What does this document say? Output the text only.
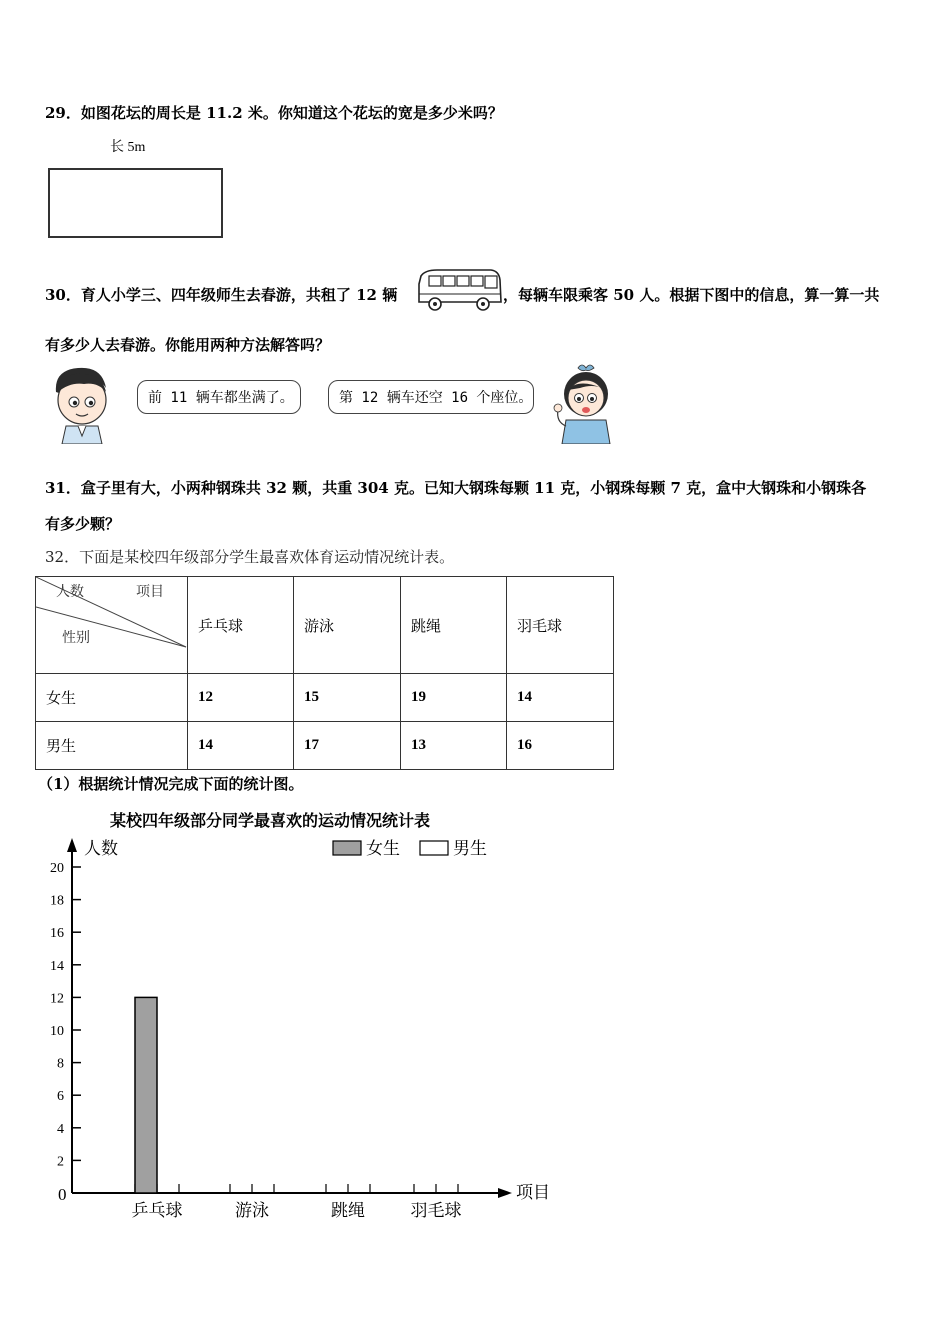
29．如图花坛的周长是 11.2 米。你知道这个花坛的宽是多少米吗？
长 5m
30．育人小学三、四年级师生去春游，共租了 12 辆	，每辆车限乘客 50 人。根据下图中的信息，算一算一共
有多少人去春游。你能用两种方法解答吗？
前 11 辆车都坐满了。	第 12 辆车还空 16 个座位。
31．盒子里有大，小两种钢珠共 32 颗，共重 304 克。已知大钢珠每颗 11 克，小钢珠每颗 7 克，盒中大钢珠和小钢珠各
有多少颗？
32．下面是某校四年级部分学生最喜欢体育运动情况统计表。
人数 项目
性别	乒乓球	游泳	跳绳	羽毛球
女生	12	15	19	14
男生	14	17	13	16
（1）根据统计情况完成下面的统计图。
某校四年级部分同学最喜欢的运动情况统计表
人数
项目
0
2
4
6
8
10
12
14
16
18
20
乒乓球	游泳	跳绳	羽毛球
女生	男生
